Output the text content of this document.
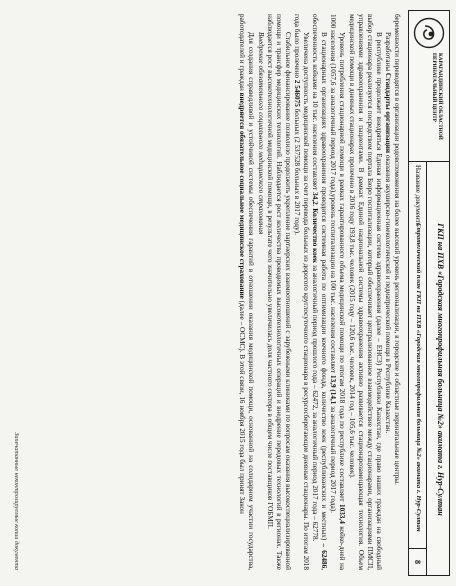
КАРАГАНДИНСКИЙ ОБЛАСТНОЙ ПЕРИНАТАЛЬНЫЙ ЦЕНТР
ГКП на ПХВ «Городская многопрофильная больница №2» акимата г. Нур-Султан
Название документа
Стратегический план ГКП на ПХВ «Городская многопрофильная больница №2» акимата г. Нур-Султан
8

беременности переводятся в организации родовспоможения на более высокий уровень регионализации, в городские и областные перинатальные центры.

Разработаны Стандарты организации оказания акушерско-гинекологической и педиатрической помощи в Республике Казахстан.

В республике продолжает внедряться Единая информационная система здравоохранения (далее – ЕНСЗ) Республики Казахстан, где право наших граждан на свободный выбор стационара реализуется посредством портала Бюро госпитализации, который обеспечивает централизованное взаимодействие между стационарами, организациями ПМСП, управлениями здравоохранения и пациентами. В рамках Единой национальной системы здравоохранения активно развивается стационарозамещающая технология. Объем медицинской помощи в дневных стационарах пролечено в 2016 году 193,8 тыс. человек (2015 году – 120,6 тыс. человек, 2014 год – 105,6 тыс. человек).

Уровень потребления стационарной помощи в рамках гарантированного объема медицинской помощи по итогам 2018 года по республике составляет 1033,4 койко-дней на 1000 населения (1057,6 за аналогичный период 2017 года),уровень госпитализации на 100 тыс. населения составляет 13,9 (14,1 за аналогичный период 2017 года).

В стационарных организациях здравоохранения проводится системная работа по оптимизации коечного фонда, количество коек (республиканских и местных) – 62486, обеспеченность койками на 10 тыс. населения составляет 34,2. Количество коек за аналогичный период прошлого года – 62472, за аналогичный период 2017 года – 62778.

Увеличена доступность медицинской помощи за счет перевода больных из дорогого круглосуточного стационара в ресурсосберегающие дневные стационары. По итогам 2018 года было пролечено 2 546075 больных (2 537528 больных в 2017 году).

Стабильное финансирование позволило продолжить укрепление партнерских взаимоотношений с зарубежными клиниками по вопросам оказания высокоспециализированной помощи и трансфер медицинских технологий. Наблюдается рост количества проводимых высокотехнологичных операций и внедрение передовых технологий в регионах. Также наблюдается рост высокотехнологичной медицинской помощи, в результате чего значительно увеличилась доля частного сектора в общем числе поставщиков ГОБМП.

Внедрение обязательного социального медицинского страхования

Для создания справедливой и устойчивой системы обеспечения гарантий в отношении оказания медицинской помощи, основанной на солидарном участии государства, работодателей и граждан внедряется обязательное социальное медицинское страхование (далее – ОСМС). В этой связи, 16 ноября 2015 года был принят Закон

Запечатанные неконтролируемые копии документа
